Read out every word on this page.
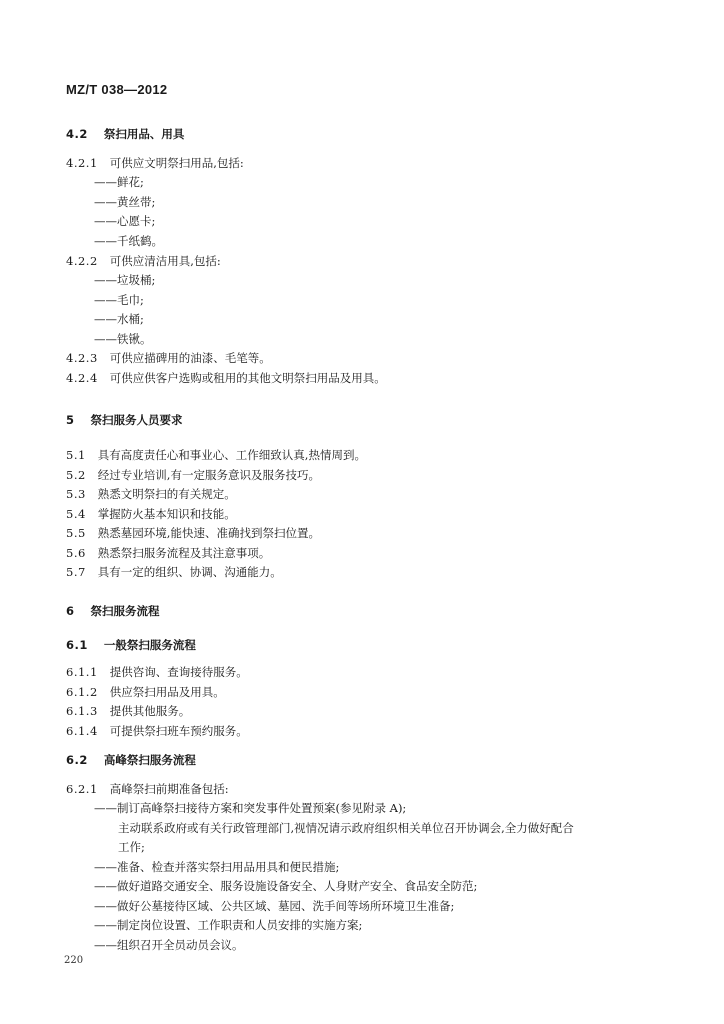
MZ/T 038—2012
4.2 祭扫用品、用具
4.2.1 可供应文明祭扫用品,包括:
——鲜花;
——黄丝带;
——心愿卡;
——千纸鹤。
4.2.2 可供应清洁用具,包括:
——垃圾桶;
——毛巾;
——水桶;
——铁锹。
4.2.3 可供应描碑用的油漆、毛笔等。
4.2.4 可供应供客户选购或租用的其他文明祭扫用品及用具。
5 祭扫服务人员要求
5.1 具有高度责任心和事业心、工作细致认真,热情周到。
5.2 经过专业培训,有一定服务意识及服务技巧。
5.3 熟悉文明祭扫的有关规定。
5.4 掌握防火基本知识和技能。
5.5 熟悉墓园环境,能快速、准确找到祭扫位置。
5.6 熟悉祭扫服务流程及其注意事项。
5.7 具有一定的组织、协调、沟通能力。
6 祭扫服务流程
6.1 一般祭扫服务流程
6.1.1 提供咨询、查询接待服务。
6.1.2 供应祭扫用品及用具。
6.1.3 提供其他服务。
6.1.4 可提供祭扫班车预约服务。
6.2 高峰祭扫服务流程
6.2.1 高峰祭扫前期准备包括:
——制订高峰祭扫接待方案和突发事件处置预案(参见附录 A);
主动联系政府或有关行政管理部门,视情况请示政府组织相关单位召开协调会,全力做好配合
工作;
——准备、检查并落实祭扫用品用具和便民措施;
——做好道路交通安全、服务设施设备安全、人身财产安全、食品安全防范;
——做好公墓接待区域、公共区域、墓园、洗手间等场所环境卫生准备;
——制定岗位设置、工作职责和人员安排的实施方案;
——组织召开全员动员会议。
220
